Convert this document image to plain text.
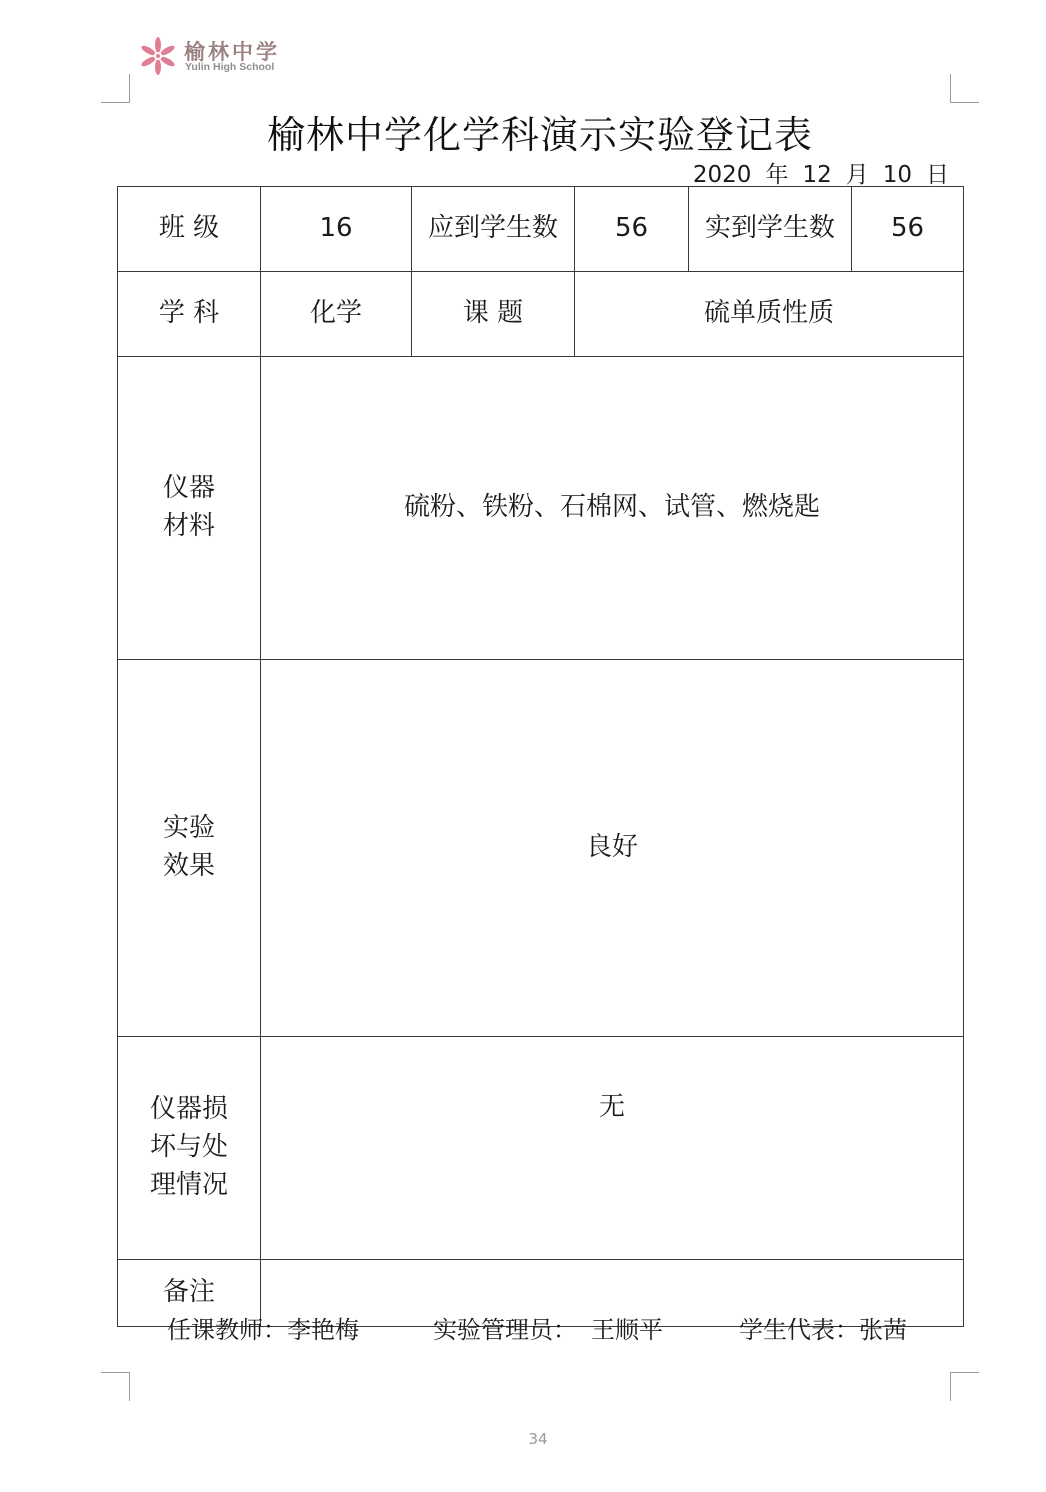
榆林中学
Yulin High School
榆林中学化学科演示实验登记表
2020 年 12 月 10 日
班 级	16	应到学生数	56	实到学生数	56
学 科	化学	课 题	硫单质性质		

仪器
材料	硫粉、铁粉、石棉网、试管、燃烧匙				

实验
效果	良好				

仪器损
坏与处
理情况	无				
备注					
任课教师：李艳梅	实验管理员： 王顺平	学生代表：张茜
34
